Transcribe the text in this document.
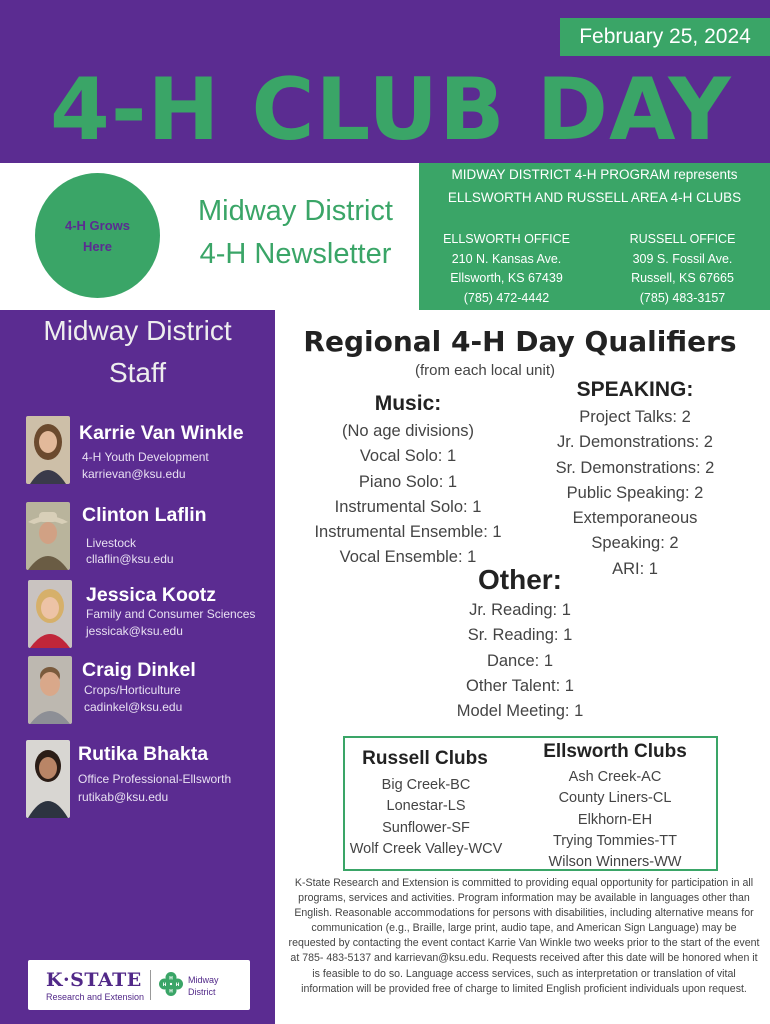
February 25, 2024
4-H CLUB DAY
4-H Grows
Here
Midway District
4-H Newsletter
MIDWAY DISTRICT 4-H PROGRAM represents
ELLSWORTH AND RUSSELL AREA 4-H CLUBS
ELLSWORTH OFFICE
210 N. Kansas Ave.
Ellsworth, KS 67439
(785) 472-4442
RUSSELL OFFICE
309 S. Fossil Ave.
Russell, KS 67665
(785) 483-3157
Midway District
Staff
Karrie Van Winkle
4-H Youth Development
karrievan@ksu.edu
Clinton Laflin
Livestock
cllaflin@ksu.edu
Jessica Kootz
Family and Consumer Sciences
jessicak@ksu.edu
Craig Dinkel
Crops/Horticulture
cadinkel@ksu.edu
Rutika Bhakta
Office Professional-Ellsworth
rutikab@ksu.edu
K·STATE
Research and Extension
H
H
H H
Midway
District
Regional 4-H Day Qualifiers
(from each local unit)
Music:
(No age divisions)
Vocal Solo: 1
Piano Solo: 1
Instrumental Solo: 1
Instrumental Ensemble: 1
Vocal Ensemble: 1
SPEAKING:
Project Talks: 2
Jr. Demonstrations: 2
Sr. Demonstrations: 2
Public Speaking: 2
Extemporaneous
Speaking: 2
ARI: 1
Other:
Jr. Reading: 1
Sr. Reading: 1
Dance: 1
Other Talent: 1
Model Meeting: 1
Russell Clubs
Big Creek-BC
Lonestar-LS
Sunflower-SF
Wolf Creek Valley-WCV
Ellsworth Clubs
Ash Creek-AC
County Liners-CL
Elkhorn-EH
Trying Tommies-TT
Wilson Winners-WW
K-State Research and Extension is committed to providing equal opportunity for participation in all programs, services and activities. Program information may be available in languages other than English. Reasonable accommodations for persons with disabilities, including alternative means for communication (e.g., Braille, large print, audio tape, and American Sign Language) may be requested by contacting the event contact Karrie Van Winkle two weeks prior to the start of the event at 785- 483-5137 and karrievan@ksu.edu. Requests received after this date will be honored when it is feasible to do so. Language access services, such as interpretation or translation of vital information will be provided free of charge to limited English proficient individuals upon request.
